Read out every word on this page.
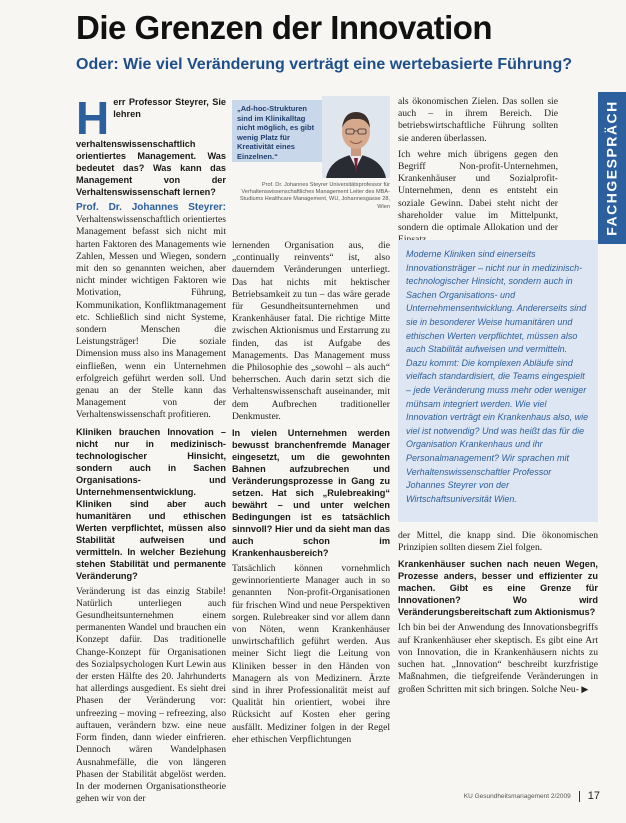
Die Grenzen der Innovation
Oder: Wie viel Veränderung verträgt eine wertebasierte Führung?
FACHGESPRÄCH

Herr Professor Steyrer, Sie lehren verhaltenswissenschaftlich orientiertes Management. Was bedeutet das? Was kann das Management von der Verhaltenswissenschaft lernen?

Prof. Dr. Johannes Steyrer: Verhaltenswissenschaftlich orientiertes Management befasst sich nicht mit harten Faktoren des Managements wie Zahlen, Messen und Wiegen, sondern mit den so genannten weichen, aber nicht minder wichtigen Faktoren wie Motivation, Führung, Kommunikation, Konfliktmanagement etc. Schließlich sind nicht Systeme, sondern Menschen die Leistungsträger! Die soziale Dimension muss also ins Management einfließen, wenn ein Unternehmen erfolgreich geführt werden soll. Und genau an der Stelle kann das Management von der Verhaltenswissenschaft profitieren.

Kliniken brauchen Innovation – nicht nur in medizinisch-technologischer Hinsicht, sondern auch in Sachen Organisations- und Unternehmensentwicklung. Kliniken sind aber auch humanitären und ethischen Werten verpflichtet, müssen also Stabilität aufweisen und vermitteln. In welcher Beziehung stehen Stabilität und permanente Veränderung?

Veränderung ist das einzig Stabile! Natürlich unterliegen auch Gesundheitsunternehmen einem permanenten Wandel und brauchen ein Konzept dafür. Das traditionelle Change-Konzept für Organisationen des Sozialpsychologen Kurt Lewin aus der ersten Hälfte des 20. Jahrhunderts hat allerdings ausgedient. Es sieht drei Phasen der Veränderung vor: unfreezing – moving – refreezing, also auftauen, verändern bzw. eine neue Form finden, dann wieder einfrieren. Dennoch wären Wandelphasen Ausnahmefälle, die von längeren Phasen der Stabilität abgelöst werden. In der modernen Organisationstheorie gehen wir von der

„Ad-hoc-Strukturen sind im Klinikalltag nicht möglich, es gibt wenig Platz für Kreativität eines Einzelnen.“
Prof. Dr. Johannes Steyrer Universitätsprofessor für Verhaltenswissenschaftliches Management Leiter des MBA-Studiums Healthcare Management, WU, Johannesgasse 28, Wien

lernenden Organisation aus, die „continually reinvents“ ist, also dauerndem Veränderungen unterliegt. Das hat nichts mit hektischer Betriebsamkeit zu tun – das wäre gerade für Gesundheitsunternehmen und Krankenhäuser fatal. Die richtige Mitte zwischen Aktionismus und Erstarrung zu finden, das ist Aufgabe des Managements. Das Management muss die Philosophie des „sowohl – als auch“ beherrschen. Auch darin setzt sich die Verhaltenswissenschaft auseinander, mit dem Aufbrechen traditioneller Denkmuster.

In vielen Unternehmen werden bewusst branchenfremde Manager eingesetzt, um die gewohnten Bahnen aufzubrechen und Veränderungsprozesse in Gang zu setzen. Hat sich „Rulebreaking“ bewährt – und unter welchen Bedingungen ist es tatsächlich sinnvoll? Hier und da sieht man das auch schon im Krankenhausbereich?

Tatsächlich können vornehmlich gewinnorientierte Manager auch in so genannten Non-profit-Organisationen für frischen Wind und neue Perspektiven sorgen. Rulebreaker sind vor allem dann von Nöten, wenn Krankenhäuser unwirtschaftlich geführt werden. Aus meiner Sicht liegt die Leitung von Kliniken besser in den Händen von Managern als von Medizinern. Ärzte sind in ihrer Professionalität meist auf Qualität hin orientiert, wobei ihre Rücksicht auf Kosten eher gering ausfällt. Mediziner folgen in der Regel eher ethischen Verpflichtungen

als ökonomischen Zielen. Das sollen sie auch – in ihrem Bereich. Die betriebswirtschaftliche Führung sollten sie anderen überlassen.

Ich wehre mich übrigens gegen den Begriff Non-profit-Unternehmen, Krankenhäuser und Sozialprofit-Unternehmen, denn es entsteht ein soziale Gewinn. Dabei steht nicht der shareholder value im Mittelpunkt, sondern die optimale Allokation und der

Moderne Kliniken sind einerseits Innovationsträger – nicht nur in medizinisch-technologischer Hinsicht, sondern auch in Sachen Organisations- und Unternehmensentwicklung. Andererseits sind sie in besonderer Weise humanitären und ethischen Werten verpflichtet, müssen also auch Stabilität aufweisen und vermitteln. Dazu kommt: Die komplexen Abläufe sind vielfach standardisiert, die Teams eingespielt – jede Veränderung muss mehr oder weniger mühsam integriert werden. Wie viel Innovation verträgt ein Krankenhaus also, wie viel ist notwendig? Und was heißt das für die Organisation Krankenhaus und ihr Personalmanagement? Wir sprachen mit Verhaltenswissenschaftler Professor Johannes Steyrer von der Wirtschaftsuniversität Wien.

der Mittel, die knapp sind. Die ökonomischen Prinzipien sollten diesem Ziel folgen.

Krankenhäuser suchen nach neuen Wegen, Prozesse anders, besser und effizienter zu machen. Gibt es eine Grenze für Innovationen? Wo wird Veränderungsbereitschaft zum Aktionismus?

Ich bin bei der Anwendung des Innovationsbegriffs auf Krankenhäuser eher skeptisch. Es gibt eine Art von Innovation, die in Krankenhäusern nichts zu suchen hat. „Innovation“ beschreibt kurzfristige Maßnahmen, die tiefgreifende Veränderungen in großen Schritten mit sich bringen. Solche Neu- ▶

KU Gesundheitsmanagement 2/2009 17
